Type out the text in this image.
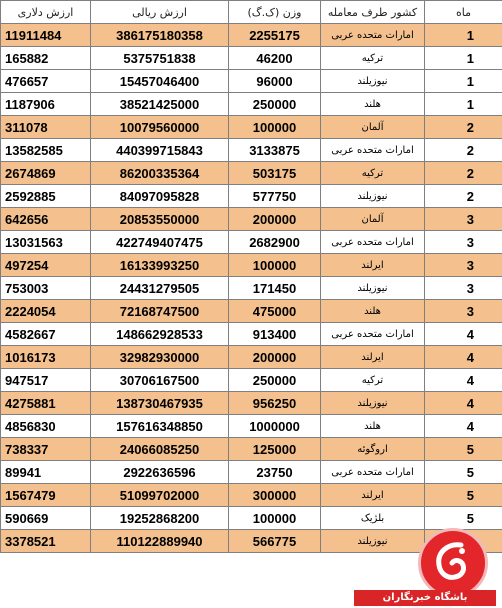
ماه	کشور طرف معامله	وزن (ک.گ)	ارزش ریالی	ارزش دلاری
1	امارات متحده عربی	2255175	386175180358	11911484
1	ترکیه	46200	5375751838	165882
1	نیوزیلند	96000	15457046400	476657
1	هلند	250000	38521425000	1187906
2	آلمان	100000	10079560000	311078
2	امارات متحده عربی	3133875	440399715843	13582585
2	ترکیه	503175	86200335364	2674869
2	نیوزیلند	577750	84097095828	2592885
3	آلمان	200000	20853550000	642656
3	امارات متحده عربی	2682900	422749407475	13031563
3	ایرلند	100000	16133993250	497254
3	نیوزیلند	171450	24431279505	753003
3	هلند	475000	72168747500	2224054
4	امارات متحده عربی	913400	148662928533	4582667
4	ایرلند	200000	32982930000	1016173
4	ترکیه	250000	30706167500	947517
4	نیوزیلند	956250	138730467935	4275881
4	هلند	1000000	157616348850	4856830
5	اروگوئه	125000	24066085250	738337
5	امارات متحده عربی	23750	2922636596	89941
5	ایرلند	300000	51099702000	1567479
5	بلژیک	100000	19252868200	590669
	نیوزیلند	566775	110122889940	3378521
باشگاه خبرنگاران
